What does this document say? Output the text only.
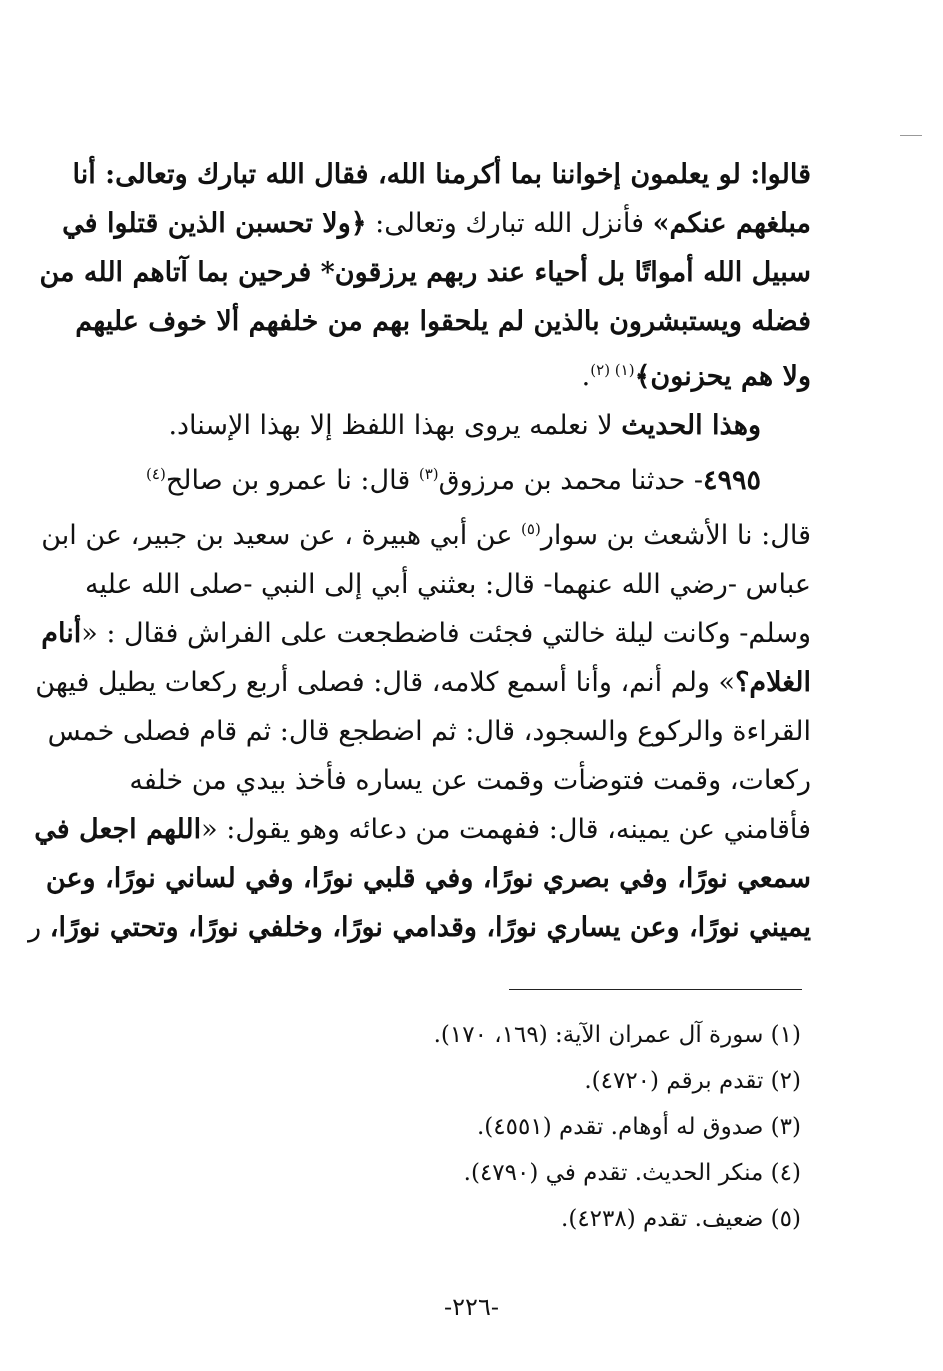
قالوا: لو يعلمون إخواننا بما أكرمنا الله، فقال الله تبارك وتعالى: أنا
مبلغهم عنكم» فأنزل الله تبارك وتعالى: ﴿ولا تحسبن الذين قتلوا في
سبيل الله أمواتًا بل أحياء عند ربهم يرزقون* فرحين بما آتاهم الله من
فضله ويستبشرون بالذين لم يلحقوا بهم من خلفهم ألا خوف عليهم
ولا هم يحزنون﴾$^{(١) (٢)}$.
وهذا الحديث لا نعلمه يروى بهذا اللفظ إلا بهذا الإسناد.
٤٩٩٥- حدثنا محمد بن مرزوق$^{(٣)}$ قال: نا عمرو بن صالح$^{(٤)}$
قال: نا الأشعث بن سوار$^{(٥)}$ عن أبي هبيرة ، عن سعيد بن جبير، عن ابن
عباس -رضي الله عنهما- قال: بعثني أبي إلى النبي -صلى الله عليه
وسلم- وكانت ليلة خالتي فجئت فاضطجعت على الفراش فقال : «أنام
الغلام؟» ولم أنم، وأنا أسمع كلامه، قال: فصلى أربع ركعات يطيل فيهن
القراءة والركوع والسجود، قال: ثم اضطجع قال: ثم قام فصلى خمس
ركعات، وقمت فتوضأت وقمت عن يساره فأخذ بيدي من خلفه
فأقامني عن يمينه، قال: ففهمت من دعائه وهو يقول: «اللهم اجعل في
سمعي نورًا، وفي بصري نورًا، وفي قلبي نورًا، وفي لساني نورًا، وعن
يميني نورًا، وعن يساري نورًا، وقدامي نورًا، وخلفي نورًا، وتحتي نورًا، ر
(١) سورة آل عمران الآية: (١٦٩، ١٧٠).
(٢) تقدم برقم (٤٧٢٠).
(٣) صدوق له أوهام. تقدم (٤٥٥١).
(٤) منكر الحديث. تقدم في (٤٧٩٠).
(٥) ضعيف. تقدم (٤٢٣٨).
-٢٢٦-
